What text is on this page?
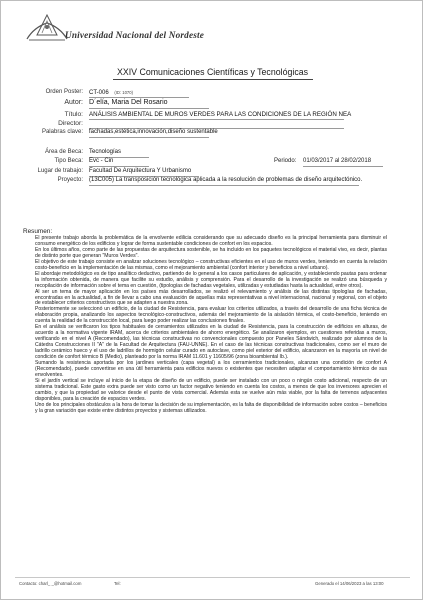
Universidad Nacional del Nordeste
XXIV Comunicaciones Científicas y Tecnológicas
Orden Poster: CT-006 (ID: 1070)
Autor: D´elía, Maria Del Rosario
Título: ANÁLISIS AMBIENTAL DE MUROS VERDES PARA LAS CONDICIONES DE LA REGIÓN NEA
Director:
Palabras clave: fachadas,estética,innovación,diseño sustentable
Área de Beca: Tecnologías
Tipo Beca: Evc - Cin	Periodo: 01/03/2017 al 28/02/2018
Lugar de trabajo: Facultad De Arquitectura Y Urbanismo
Proyecto: (13C005) La transposición tecnológica aplicada a la resolución de problemas de diseño arquitectónico.
Resumen:

El presente trabajo aborda la problemática de la envolvente edilicia considerando que su adecuado diseño es la principal herramienta para disminuir el consumo energético de los edificios y lograr de forma sustentable condiciones de confort en los espacios.

En los últimos años, como parte de las propuestas de arquitectura sostenible, se ha incluido en los paquetes tecnológicos el material vivo, es decir, plantas de distinto porte que generan "Muros Verdes".

El objetivo de este trabajo consiste en analizar soluciones tecnológico – constructivas eficientes en el uso de muros verdes, teniendo en cuenta la relación costo-beneficio en la implementación de las mismas, como el mejoramiento ambiental (confort interior y beneficios a nivel urbano).

El abordaje metodológico es de tipo analítico deductivo, partiendo de lo general a los casos particulares de aplicación, y estableciendo pautas para ordenar la información obtenida, de manera que facilite su estudio, análisis y comprensión. Para el desarrollo de la investigación se realizó una búsqueda y recopilación de información sobre el tema en cuestión, (tipologías de fachadas vegetales, utilizadas y estudiadas hasta la actualidad, entre otros).

Al ser un tema de mayor aplicación en los países más desarrollados, se realizó el relevamiento y análisis de las distintas tipologías de fachadas, encontradas en la actualidad, a fin de llevar a cabo una evaluación de aquellas más representativas a nivel internacional, nacional y regional, con el objeto de establecer criterios constructivos que se adapten a nuestra zona.

Posteriormente se seleccionó un edificio, de la ciudad de Resistencia, para evaluar los criterios utilizados, a través del desarrollo de una ficha técnica de elaboración propia, analizando los aspectos tecnológico-constructivos, además del mejoramiento de la aislación térmica, el costo-beneficio, teniendo en cuenta la realidad de la construcción local, para luego poder realizar las conclusiones finales.

En el análisis se verificaron los tipos habituales de cerramientos utilizados en la ciudad de Resistencia, para la construcción de edificios en alturas, de acuerdo a la normativa vigente IRAM, acerca de criterios ambientales de ahorro energético. Se analizaron ejemplos, en cuestiones referidas a muros, verificando en el nivel A (Recomendado), las técnicas constructivas no convencionales compuesto por Paneles Sándwich, realizado por alumnos de la Cátedra Construcciones II "A" de la Facultad de Arquitectura (FAU-UNNE). En el caso de las técnicas constructivas tradicionales, como ser el muro de ladrillo cerámico hueco y el uso de ladrillos de hormigón celular curado en autoclave, como piel exterior del edificio, alcanzaron en la mayoría un nivel de condición de confort térmico B (Medio), planteado por la norma IRAM 11.601 y 11605/96 (zona bioambiental Ib.).

Sumando la resistencia aportada por los jardines verticales (capa vegetal) a los cerramientos tradicionales, alcanzan una condición de confort A (Recomendado), puede convertirse en una útil herramienta para edificios nuevos o existentes que necesiten adaptar el comportamiento térmico de sus envolventes.

Si el jardín vertical se incluye al inicio de la etapa de diseño de un edificio, puede ser instalado con un poco o ningún costo adicional, respecto de un sistema tradicional. Este gasto extra puede ser visto como un factor negativo teniendo en cuenta los costos, a menos de que los inversores aprecien el cambio, y que la propiedad se valorice desde el punto de vista comercial. Además esta se vuelve aún más viable, por la falta de terrenos adyacentes disponibles, para la creación de espacios verdes.

Uno de los principales obstáculos a la hora de tomar la decisión de su implementación, es la falta de disponibilidad de información sobre costos – beneficios y la gran variación que existe entre distintos proyectos y sistemas utilizados.

Contacto: charl_ _@hotmail.com	Tel:	Generado el 14/06/2023 a las 13:00
